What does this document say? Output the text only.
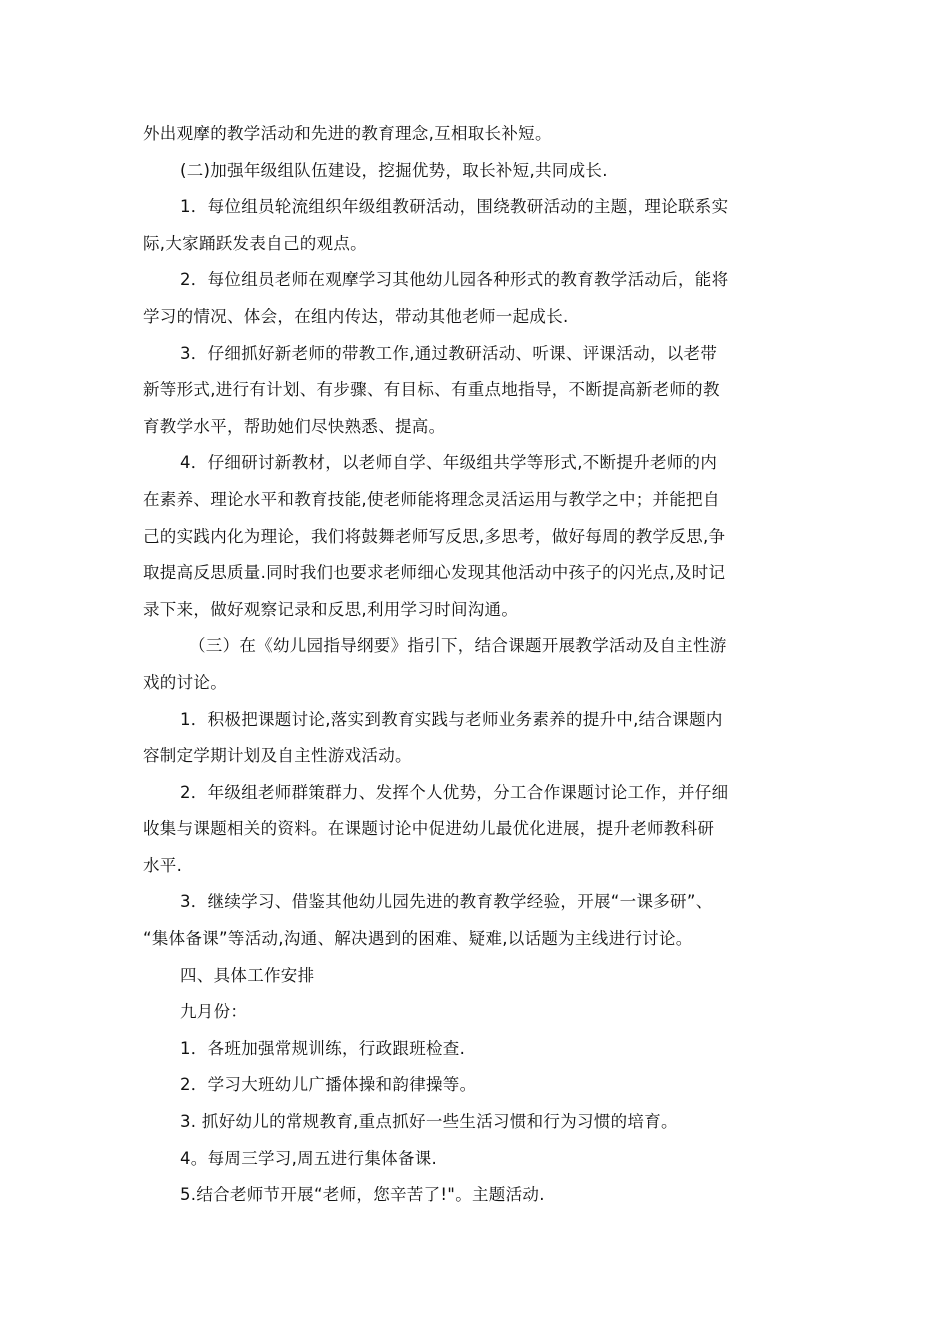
外出观摩的教学活动和先进的教育理念,互相取长补短。
(二)加强年级组队伍建设，挖掘优势，取长补短,共同成长.
1．每位组员轮流组织年级组教研活动，围绕教研活动的主题，理论联系实
际,大家踊跃发表自己的观点。
2．每位组员老师在观摩学习其他幼儿园各种形式的教育教学活动后，能将
学习的情况、体会，在组内传达，带动其他老师一起成长.
3．仔细抓好新老师的带教工作,通过教研活动、听课、评课活动，以老带
新等形式,进行有计划、有步骤、有目标、有重点地指导，不断提高新老师的教
育教学水平，帮助她们尽快熟悉、提高。
4．仔细研讨新教材，以老师自学、年级组共学等形式,不断提升老师的内
在素养、理论水平和教育技能,使老师能将理念灵活运用与教学之中；并能把自
己的实践内化为理论，我们将鼓舞老师写反思,多思考，做好每周的教学反思,争
取提高反思质量.同时我们也要求老师细心发现其他活动中孩子的闪光点,及时记
录下来，做好观察记录和反思,利用学习时间沟通。
（三）在《幼儿园指导纲要》指引下，结合课题开展教学活动及自主性游
戏的讨论。
1．积极把课题讨论,落实到教育实践与老师业务素养的提升中,结合课题内
容制定学期计划及自主性游戏活动。
2．年级组老师群策群力、发挥个人优势，分工合作课题讨论工作，并仔细
收集与课题相关的资料。在课题讨论中促进幼儿最优化进展，提升老师教科研
水平.
3．继续学习、借鉴其他幼儿园先进的教育教学经验，开展“一课多研”、
“集体备课”等活动,沟通、解决遇到的困难、疑难,以话题为主线进行讨论。
四、具体工作安排
九月份：
1．各班加强常规训练，行政跟班检查.
2．学习大班幼儿广播体操和韵律操等。
3. 抓好幼儿的常规教育,重点抓好一些生活习惯和行为习惯的培育。
4。每周三学习,周五进行集体备课.
5.结合老师节开展“老师，您辛苦了!"。主题活动.
